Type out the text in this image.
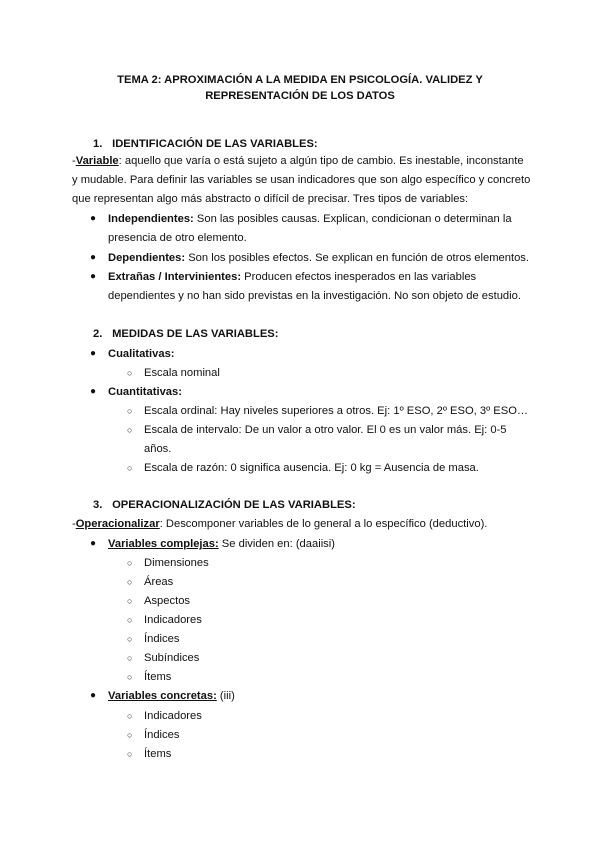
TEMA 2: APROXIMACIÓN A LA MEDIDA EN PSICOLOGÍA. VALIDEZ Y
REPRESENTACIÓN DE LOS DATOS
1. IDENTIFICACIÓN DE LAS VARIABLES:
-Variable: aquello que varía o está sujeto a algún tipo de cambio. Es inestable, inconstante
y mudable. Para definir las variables se usan indicadores que son algo específico y concreto
que representan algo más abstracto o difícil de precisar. Tres tipos de variables:
● Independientes: Son las posibles causas. Explican, condicionan o determinan la
presencia de otro elemento.
● Dependientes: Son los posibles efectos. Se explican en función de otros elementos.
● Extrañas / Intervinientes: Producen efectos inesperados en las variables
dependientes y no han sido previstas en la investigación. No son objeto de estudio.
2. MEDIDAS DE LAS VARIABLES:
● Cualitativas:
○ Escala nominal
● Cuantitativas:
○ Escala ordinal: Hay niveles superiores a otros. Ej: 1º ESO, 2º ESO, 3º ESO…
○ Escala de intervalo: De un valor a otro valor. El 0 es un valor más. Ej: 0-5
años.
○ Escala de razón: 0 significa ausencia. Ej: 0 kg = Ausencia de masa.
3. OPERACIONALIZACIÓN DE LAS VARIABLES:
-Operacionalizar: Descomponer variables de lo general a lo específico (deductivo).
● Variables complejas: Se dividen en: (daaiisi)
○ Dimensiones
○ Áreas
○ Aspectos
○ Indicadores
○ Índices
○ Subíndices
○ Ítems
● Variables concretas: (iii)
○ Indicadores
○ Índices
○ Ítems
